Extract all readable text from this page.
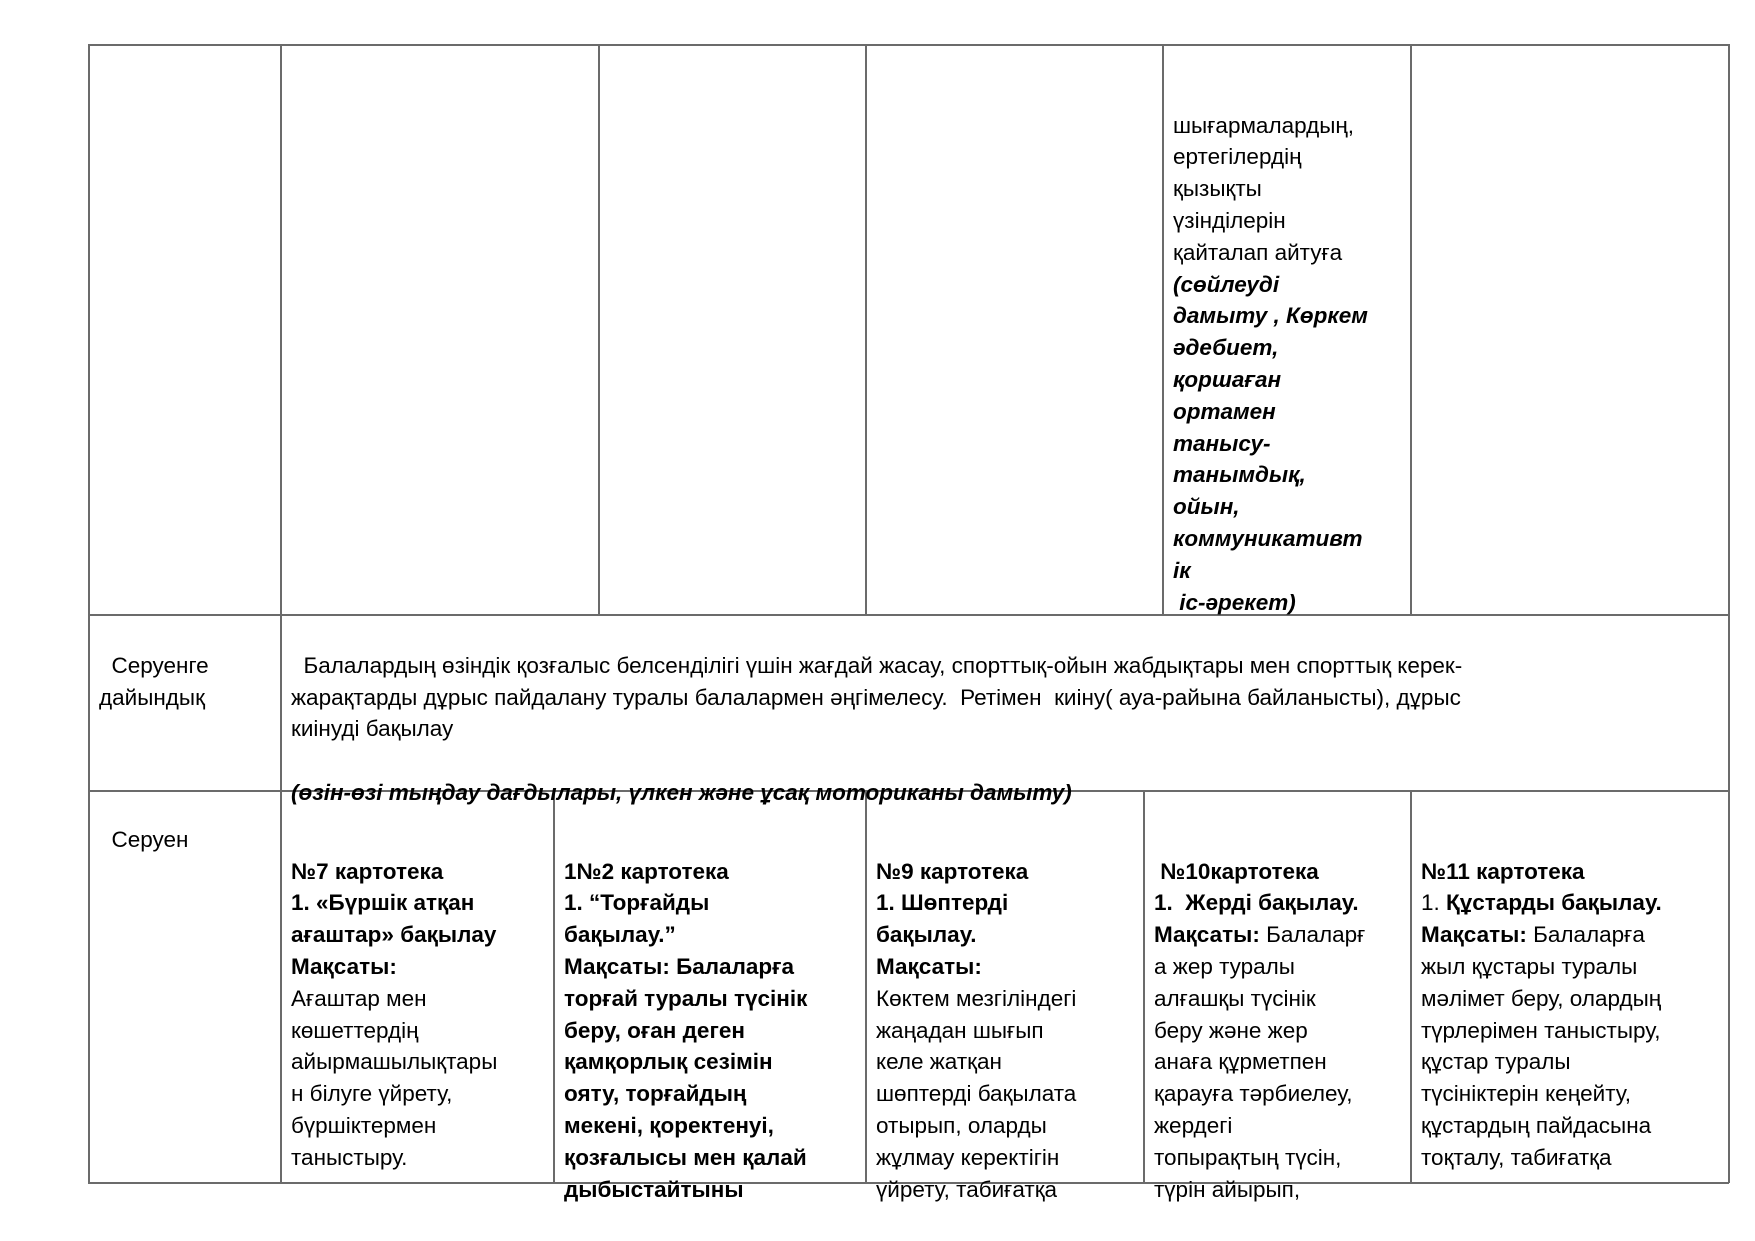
шығармалардың,
ертегілердің
қызықты
үзінділерін
қайталап айтуға
(сөйлеуді
дамыту , Көркем
әдебиет,
қоршаған
ортамен
танысу-
танымдық,
ойын,
коммуникативт
ік
іс-әрекет)

Серуенге
дайындық

Балалардың өзіндік қозғалыс белсенділігі үшін жағдай жасау, спорттық-ойын жабдықтары мен спорттық керек-
жарақтарды дұрыс пайдалану туралы балалармен әңгімелесу.  Ретімен  киіну( ауа-райына байланысты), дұрыс
киінуді бақылау

(өзін-өзі тыңдау дағдылары, үлкен және ұсақ моториканы дамыту)

Серуен

№7 картотека
1. «Бүршік атқан
ағаштар» бақылау
Мақсаты:
Ағаштар мен
көшеттердің
айырмашылықтары
н білуге үйрету,
бүршіктермен
таныстыру.

1№2 картотека
1. “Торғайды
бақылау.”
Мақсаты: Балаларға
торғай туралы түсінік
беру, оған деген
қамқорлық сезімін
ояту, торғайдың
мекені, қоректенуі,
қозғалысы мен қалай
дыбыстайтыны

№9 картотека
1. Шөптерді
бақылау.
Мақсаты:
Көктем мезгіліндегі
жаңадан шығып
келе жатқан
шөптерді бақылата
отырып, оларды
жұлмау керектігін
үйрету, табиғатқа

№10картотека
1.  Жерді бақылау.
Мақсаты: Балаларғ
а жер туралы
алғашқы түсінік
беру және жер
анаға құрметпен
қарауға тәрбиелеу,
жердегі
топырақтың түсін,
түрін айырып,

№11 картотека
1. Құстарды бақылау.
Мақсаты: Балаларға
жыл құстары туралы
мәлімет беру, олардың
түрлерімен таныстыру,
құстар туралы
түсініктерін кеңейту,
құстардың пайдасына
тоқталу, табиғатқа
